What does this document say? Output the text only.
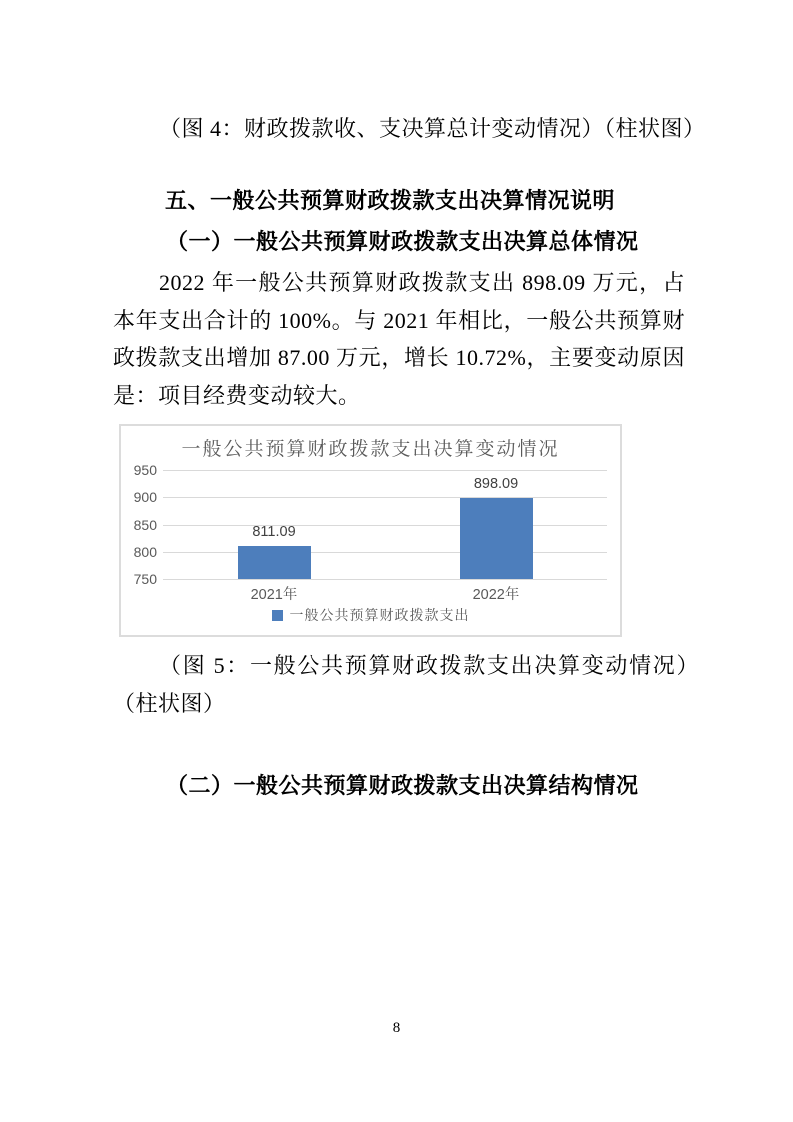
（图 4：财政拨款收、支决算总计变动情况）（柱状图）
五、一般公共预算财政拨款支出决算情况说明
（一）一般公共预算财政拨款支出决算总体情况
2022 年一般公共预算财政拨款支出 898.09 万元，占本年支出合计的 100%。与 2021 年相比，一般公共预算财政拨款支出增加 87.00 万元，增长 10.72%，主要变动原因是：项目经费变动较大。
一般公共预算财政拨款支出决算变动情况
750
800
850
900
950
811.09
2021年
898.09
2022年
一般公共预算财政拨款支出
（图 5：一般公共预算财政拨款支出决算变动情况）（柱状图）
（二）一般公共预算财政拨款支出决算结构情况
8
